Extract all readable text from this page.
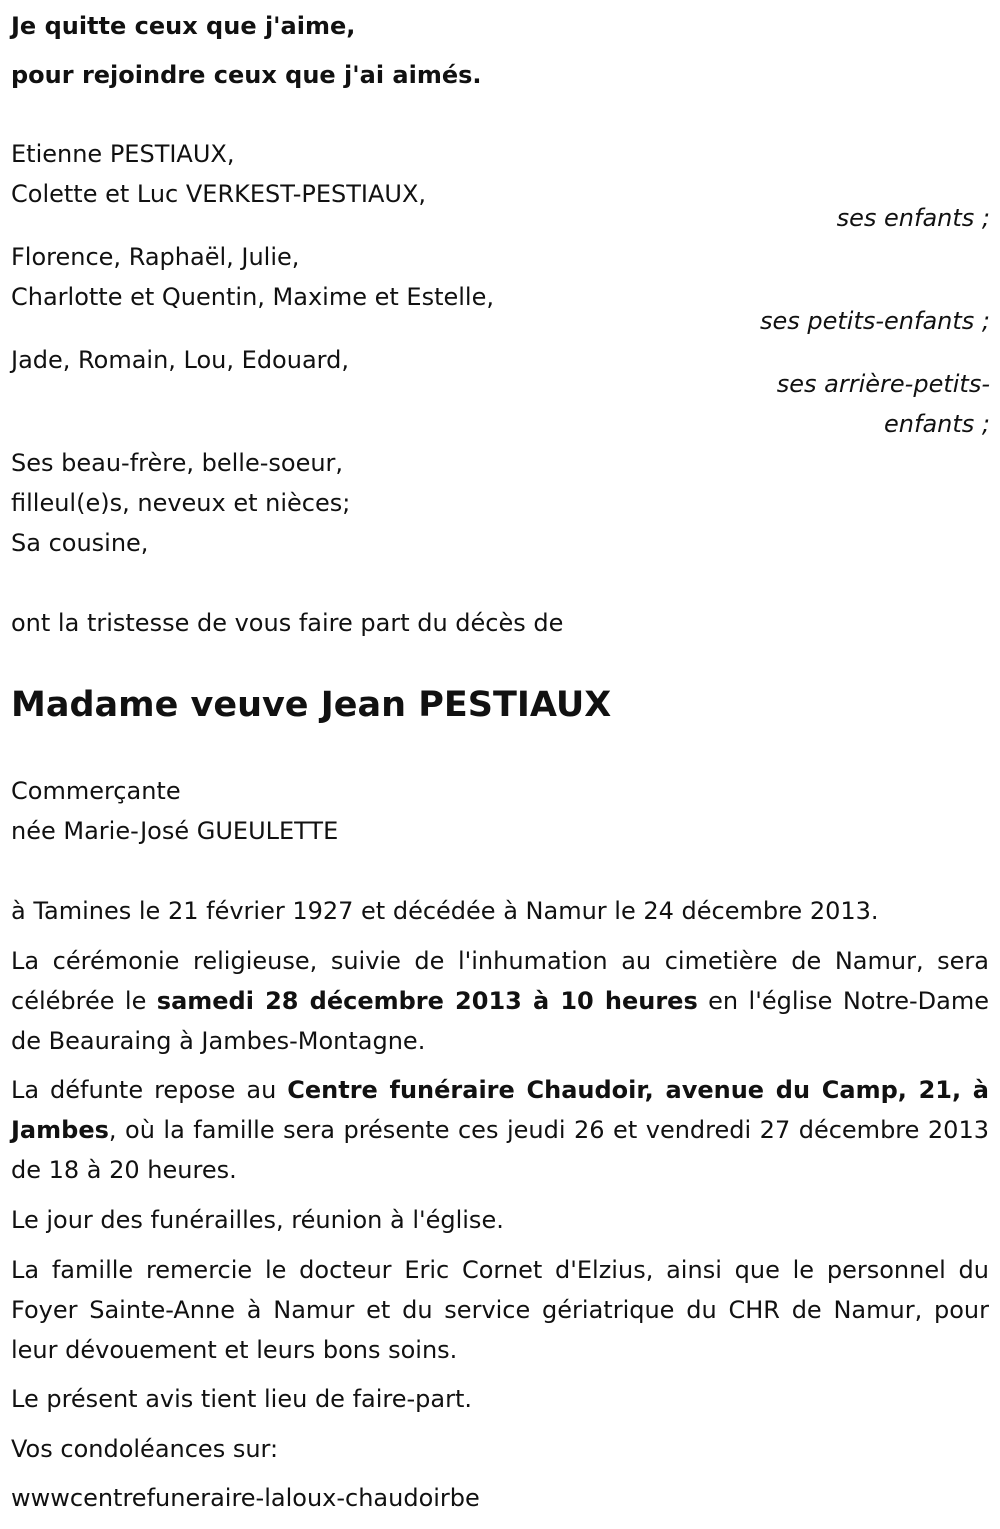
Je quitte ceux que j'aime,
pour rejoindre ceux que j'ai aimés.
Etienne PESTIAUX,
Colette et Luc VERKEST-PESTIAUX,
ses enfants ;
Florence, Raphaël, Julie,
Charlotte et Quentin, Maxime et Estelle,
ses petits-enfants ;
Jade, Romain, Lou, Edouard,
ses arrière-petits-
enfants ;
Ses beau-frère, belle-soeur,
filleul(e)s, neveux et nièces;
Sa cousine,
ont la tristesse de vous faire part du décès de
Madame veuve Jean PESTIAUX
Commerçante
née Marie-José GUEULETTE
à Tamines le 21 février 1927 et décédée à Namur le 24 décembre 2013.
La cérémonie religieuse, suivie de l'inhumation au cimetière de Namur, sera célébrée le samedi 28 décembre 2013 à 10 heures en l'église Notre-Dame de Beauraing à Jambes-Montagne.
La défunte repose au Centre funéraire Chaudoir, avenue du Camp, 21, à Jambes, où la famille sera présente ces jeudi 26 et vendredi 27 décembre 2013 de 18 à 20 heures.
Le jour des funérailles, réunion à l'église.
La famille remercie le docteur Eric Cornet d'Elzius, ainsi que le personnel du Foyer Sainte-Anne à Namur et du service gériatrique du CHR de Namur, pour leur dévouement et leurs bons soins.
Le présent avis tient lieu de faire-part.
Vos condoléances sur:
wwwcentrefuneraire-laloux-chaudoirbe
